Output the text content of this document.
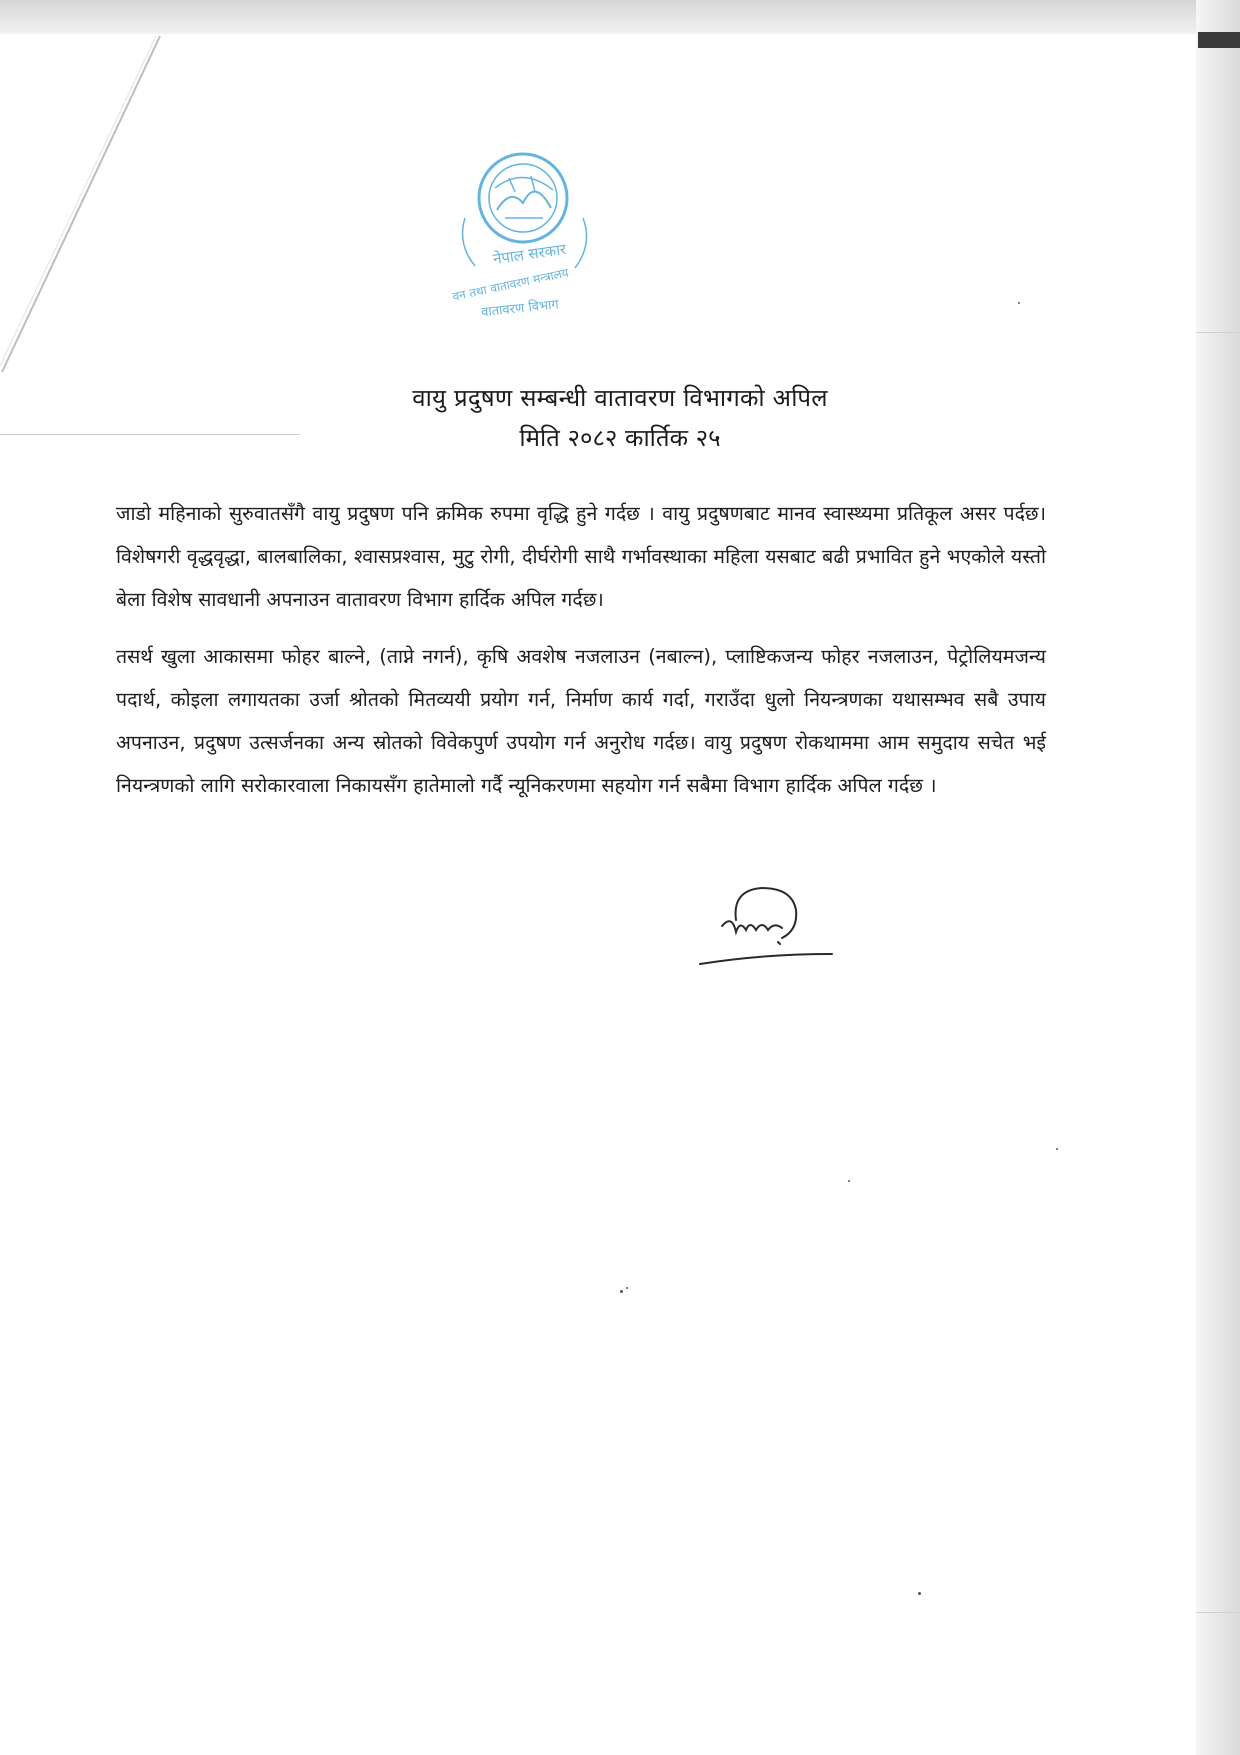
नेपाल सरकार
वन तथा वातावरण मन्त्रालय
वातावरण विभाग
वायु प्रदुषण सम्बन्धी वातावरण विभागको अपिल
मिति २०८२ कार्तिक २५

जाडो महिनाको सुरुवातसँगै वायु प्रदुषण पनि क्रमिक रुपमा वृद्धि हुने गर्दछ । वायु प्रदुषणबाट मानव स्वास्थ्यमा प्रतिकूल असर पर्दछ। विशेषगरी वृद्धवृद्धा, बालबालिका, श्वासप्रश्वास, मुटु रोगी, दीर्घरोगी साथै गर्भावस्थाका महिला यसबाट बढी प्रभावित हुने भएकोले यस्तो बेला विशेष सावधानी अपनाउन वातावरण विभाग हार्दिक अपिल गर्दछ।

तसर्थ खुला आकासमा फोहर बाल्ने, (ताप्ने नगर्न), कृषि अवशेष नजलाउन (नबाल्न), प्लाष्टिकजन्य फोहर नजलाउन, पेट्रोलियमजन्य पदार्थ, कोइला लगायतका उर्जा श्रोतको मितव्ययी प्रयोग गर्न, निर्माण कार्य गर्दा, गराउँदा धुलो नियन्त्रणका यथासम्भव सबै उपाय अपनाउन, प्रदुषण उत्सर्जनका अन्य स्रोतको विवेकपुर्ण उपयोग गर्न अनुरोध गर्दछ। वायु प्रदुषण रोकथाममा आम समुदाय सचेत भई नियन्त्रणको लागि सरोकारवाला निकायसँग हातेमालो गर्दै न्यूनिकरणमा सहयोग गर्न सबैमा विभाग हार्दिक अपिल गर्दछ ।
